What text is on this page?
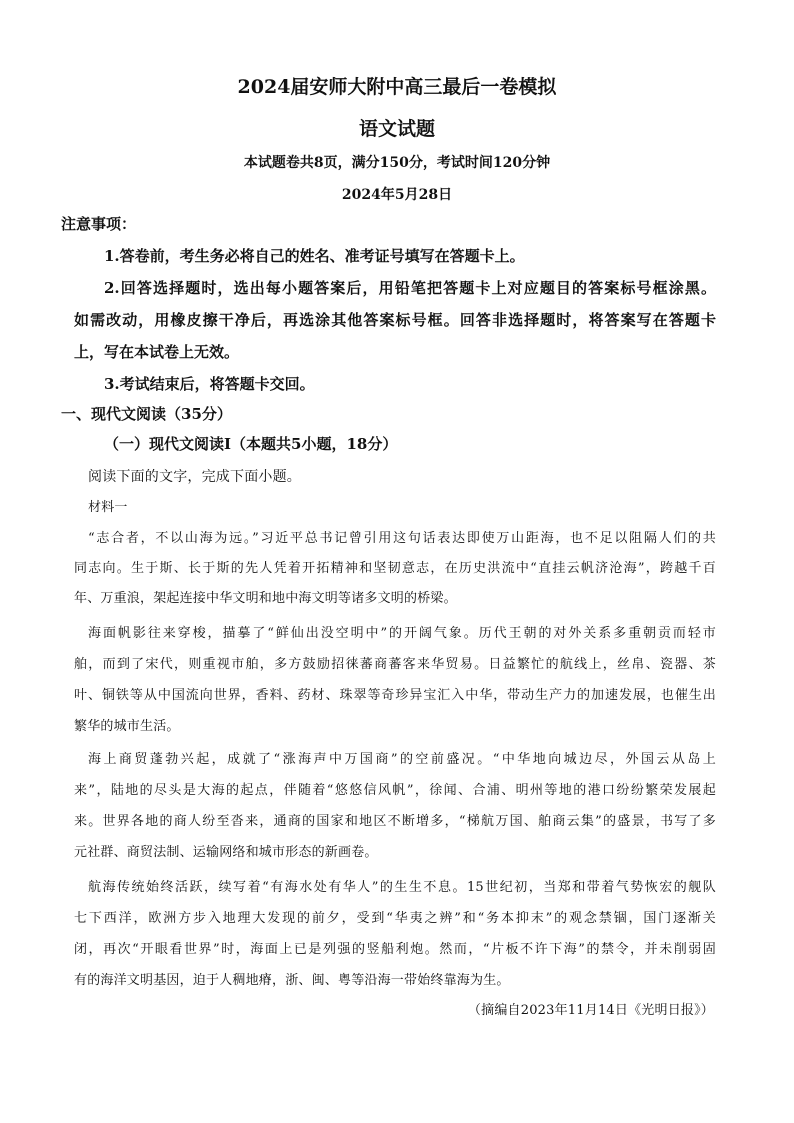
2024届安师大附中高三最后一卷模拟
语文试题
本试题卷共8页，满分150分，考试时间120分钟
2024年5月28日
注意事项：
1.答卷前，考生务必将自己的姓名、准考证号填写在答题卡上。
2.回答选择题时，选出每小题答案后，用铅笔把答题卡上对应题目的答案标号框涂黑。
如需改动，用橡皮擦干净后，再选涂其他答案标号框。回答非选择题时，将答案写在答题卡
上，写在本试卷上无效。
3.考试结束后，将答题卡交回。
一、现代文阅读（35分）
（一）现代文阅读Ⅰ（本题共5小题，18分）
阅读下面的文字，完成下面小题。
材料一
“志合者，不以山海为远。”习近平总书记曾引用这句话表达即使万山距海，也不足以阻隔人们的共
同志向。生于斯、长于斯的先人凭着开拓精神和坚韧意志，在历史洪流中“直挂云帆济沧海”，跨越千百
年、万重浪，架起连接中华文明和地中海文明等诸多文明的桥梁。
海面帆影往来穿梭，描摹了“鲜仙出没空明中”的开阔气象。历代王朝的对外关系多重朝贡而轻市
舶，而到了宋代，则重视市舶，多方鼓励招徕蕃商蕃客来华贸易。日益繁忙的航线上，丝帛、瓷器、茶
叶、铜铁等从中国流向世界，香料、药材、珠翠等奇珍异宝汇入中华，带动生产力的加速发展，也催生出
繁华的城市生活。
海上商贸蓬勃兴起，成就了“涨海声中万国商”的空前盛况。“中华地向城边尽，外国云从岛上
来”，陆地的尽头是大海的起点，伴随着“悠悠信风帆”，徐闻、合浦、明州等地的港口纷纷繁荣发展起
来。世界各地的商人纷至沓来，通商的国家和地区不断增多，“梯航万国、舶商云集”的盛景，书写了多
元社群、商贸法制、运输网络和城市形态的新画卷。
航海传统始终活跃，续写着“有海水处有华人”的生生不息。15世纪初，当郑和带着气势恢宏的舰队
七下西洋，欧洲方步入地理大发现的前夕，受到“华夷之辨”和“务本抑末”的观念禁锢，国门逐渐关
闭，再次“开眼看世界”时，海面上已是列强的竖船利炮。然而，“片板不许下海”的禁令，并未削弱固
有的海洋文明基因，迫于人稠地瘠，浙、闽、粤等沿海一带始终靠海为生。
（摘编自2023年11月14日《光明日报》）
